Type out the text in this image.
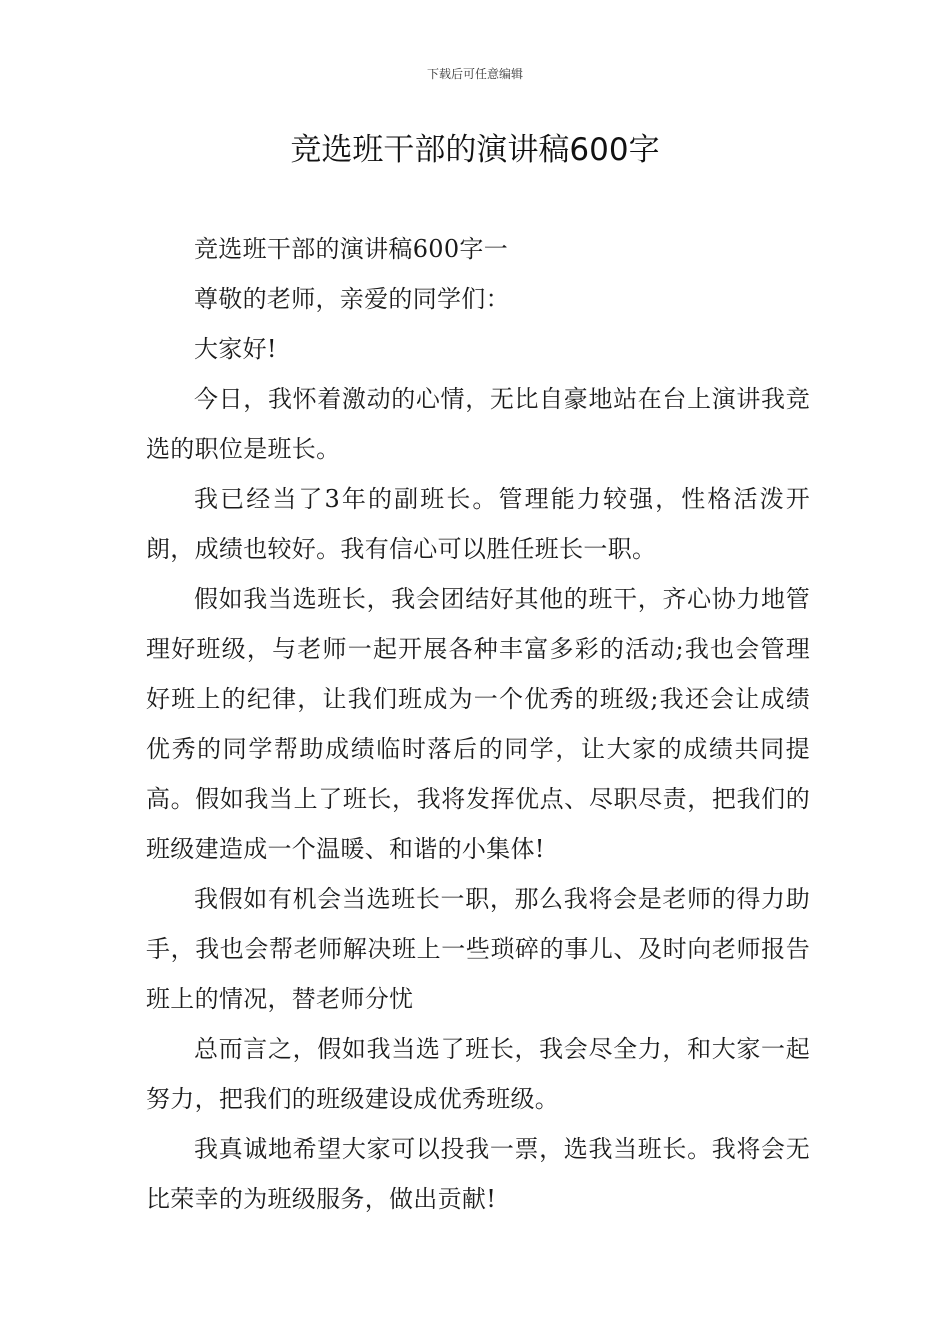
下载后可任意编辑
竞选班干部的演讲稿600字

竞选班干部的演讲稿600字一

尊敬的老师，亲爱的同学们：

大家好!

今日，我怀着激动的心情，无比自豪地站在台上演讲我竞选的职位是班长。

我已经当了3年的副班长。管理能力较强，性格活泼开朗，成绩也较好。我有信心可以胜任班长一职。

假如我当选班长，我会团结好其他的班干，齐心协力地管理好班级，与老师一起开展各种丰富多彩的活动;我也会管理好班上的纪律，让我们班成为一个优秀的班级;我还会让成绩优秀的同学帮助成绩临时落后的同学，让大家的成绩共同提高。假如我当上了班长，我将发挥优点、尽职尽责，把我们的班级建造成一个温暖、和谐的小集体!

我假如有机会当选班长一职，那么我将会是老师的得力助手，我也会帮老师解决班上一些琐碎的事儿、及时向老师报告班上的情况，替老师分忧

总而言之，假如我当选了班长，我会尽全力，和大家一起努力，把我们的班级建设成优秀班级。

我真诚地希望大家可以投我一票，选我当班长。我将会无比荣幸的为班级服务，做出贡献!
